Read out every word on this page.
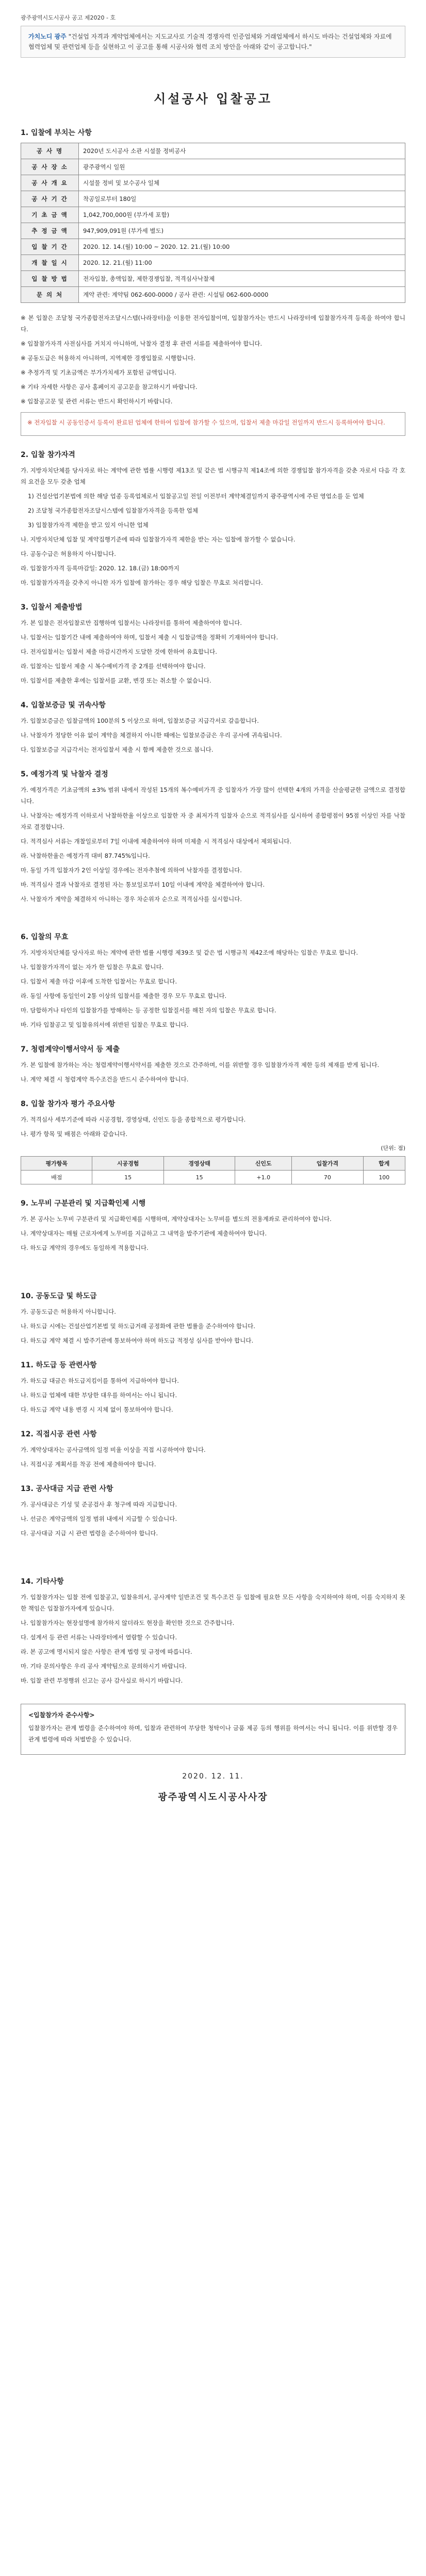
광주광역시도시공사 공고 제2020 - 호
가치노디 광주 "건설업 자격과 계약업체에서는 지도교사로 기술적 경쟁자력 인증업체와 거래업체에서 하시도 바라는 건설업체와 자료에 협력업체 및 관련업체 등을 실현하고 이 공고를 통해 시공사와 협력 조치 방안을 아래와 같이 공고합니다."
시설공사 입찰공고
1. 입찰에 부치는 사항
공 사 명	2020년 도시공사 소관 시설물 정비공사
공 사 장 소	광주광역시 일원
공 사 개 요	시설물 정비 및 보수공사 일체
공 사 기 간	착공일로부터 180일
기 초 금 액	1,042,700,000원 (부가세 포함)
추 정 금 액	947,909,091원 (부가세 별도)
입 찰 기 간	2020. 12. 14.(월) 10:00 ~ 2020. 12. 21.(월) 10:00
개 찰 일 시	2020. 12. 21.(월) 11:00
입 찰 방 법	전자입찰, 총액입찰, 제한경쟁입찰, 적격심사낙찰제
문 의 처	계약 관련: 계약팀 062-600-0000 / 공사 관련: 시설팀 062-600-0000

※ 본 입찰은 조달청 국가종합전자조달시스템(나라장터)을 이용한 전자입찰이며, 입찰참가자는 반드시 나라장터에 입찰참가자격 등록을 하여야 합니다.

※ 입찰참가자격 사전심사를 거치지 아니하며, 낙찰자 결정 후 관련 서류를 제출하여야 합니다.

※ 공동도급은 허용하지 아니하며, 지역제한 경쟁입찰로 시행합니다.

※ 추정가격 및 기초금액은 부가가치세가 포함된 금액입니다.

※ 기타 자세한 사항은 공사 홈페이지 공고문을 참고하시기 바랍니다.

※ 입찰공고문 및 관련 서류는 반드시 확인하시기 바랍니다.

※ 전자입찰 시 공동인증서 등록이 완료된 업체에 한하여 입찰에 참가할 수 있으며, 입찰서 제출 마감일 전일까지 반드시 등록하여야 합니다.

2. 입찰 참가자격

가. 지방자치단체를 당사자로 하는 계약에 관한 법률 시행령 제13조 및 같은 법 시행규칙 제14조에 의한 경쟁입찰 참가자격을 갖춘 자로서 다음 각 호의 요건을 모두 갖춘 업체

1) 건설산업기본법에 의한 해당 업종 등록업체로서 입찰공고일 전일 이전부터 계약체결일까지 광주광역시에 주된 영업소를 둔 업체

2) 조달청 국가종합전자조달시스템에 입찰참가자격을 등록한 업체

3) 입찰참가자격 제한을 받고 있지 아니한 업체

나. 지방자치단체 입찰 및 계약집행기준에 따라 입찰참가자격 제한을 받는 자는 입찰에 참가할 수 없습니다.

다. 공동수급은 허용하지 아니합니다.

라. 입찰참가자격 등록마감일: 2020. 12. 18.(금) 18:00까지

마. 입찰참가자격을 갖추지 아니한 자가 입찰에 참가하는 경우 해당 입찰은 무효로 처리합니다.

3. 입찰서 제출방법

가. 본 입찰은 전자입찰로만 집행하며 입찰서는 나라장터를 통하여 제출하여야 합니다.

나. 입찰서는 입찰기간 내에 제출하여야 하며, 입찰서 제출 시 입찰금액을 정확히 기재하여야 합니다.

다. 전자입찰서는 입찰서 제출 마감시간까지 도달한 것에 한하여 유효합니다.

라. 입찰자는 입찰서 제출 시 복수예비가격 중 2개를 선택하여야 합니다.

마. 입찰서를 제출한 후에는 입찰서를 교환, 변경 또는 취소할 수 없습니다.

4. 입찰보증금 및 귀속사항

가. 입찰보증금은 입찰금액의 100분의 5 이상으로 하며, 입찰보증금 지급각서로 갈음합니다.

나. 낙찰자가 정당한 이유 없이 계약을 체결하지 아니한 때에는 입찰보증금은 우리 공사에 귀속됩니다.

다. 입찰보증금 지급각서는 전자입찰서 제출 시 함께 제출한 것으로 봅니다.

5. 예정가격 및 낙찰자 결정

가. 예정가격은 기초금액의 ±3% 범위 내에서 작성된 15개의 복수예비가격 중 입찰자가 가장 많이 선택한 4개의 가격을 산술평균한 금액으로 결정합니다.

나. 낙찰자는 예정가격 이하로서 낙찰하한율 이상으로 입찰한 자 중 최저가격 입찰자 순으로 적격심사를 실시하여 종합평점이 95점 이상인 자를 낙찰자로 결정합니다.

다. 적격심사 서류는 개찰일로부터 7일 이내에 제출하여야 하며 미제출 시 적격심사 대상에서 제외됩니다.

라. 낙찰하한율은 예정가격 대비 87.745%입니다.

마. 동일 가격 입찰자가 2인 이상일 경우에는 전자추첨에 의하여 낙찰자를 결정합니다.

바. 적격심사 결과 낙찰자로 결정된 자는 통보일로부터 10일 이내에 계약을 체결하여야 합니다.

사. 낙찰자가 계약을 체결하지 아니하는 경우 차순위자 순으로 적격심사를 실시합니다.

6. 입찰의 무효

가. 지방자치단체를 당사자로 하는 계약에 관한 법률 시행령 제39조 및 같은 법 시행규칙 제42조에 해당하는 입찰은 무효로 합니다.

나. 입찰참가자격이 없는 자가 한 입찰은 무효로 합니다.

다. 입찰서 제출 마감 이후에 도착한 입찰서는 무효로 합니다.

라. 동일 사항에 동일인이 2통 이상의 입찰서를 제출한 경우 모두 무효로 합니다.

마. 담합하거나 타인의 입찰참가를 방해하는 등 공정한 입찰질서를 해친 자의 입찰은 무효로 합니다.

바. 기타 입찰공고 및 입찰유의서에 위반된 입찰은 무효로 합니다.

7. 청렴계약이행서약서 등 제출

가. 본 입찰에 참가하는 자는 청렴계약이행서약서를 제출한 것으로 간주하며, 이를 위반할 경우 입찰참가자격 제한 등의 제재를 받게 됩니다.

나. 계약 체결 시 청렴계약 특수조건을 반드시 준수하여야 합니다.

8. 입찰 참가자 평가 주요사항

가. 적격심사 세부기준에 따라 시공경험, 경영상태, 신인도 등을 종합적으로 평가합니다.

나. 평가 항목 및 배점은 아래와 같습니다.

(단위: 점)
평가항목	시공경험	경영상태	신인도	입찰가격	합계
배점	15	15	+1.0	70	100
9. 노무비 구분관리 및 지급확인제 시행

가. 본 공사는 노무비 구분관리 및 지급확인제를 시행하며, 계약상대자는 노무비를 별도의 전용계좌로 관리하여야 합니다.

나. 계약상대자는 매월 근로자에게 노무비를 지급하고 그 내역을 발주기관에 제출하여야 합니다.

다. 하도급 계약의 경우에도 동일하게 적용합니다.

10. 공동도급 및 하도급

가. 공동도급은 허용하지 아니합니다.

나. 하도급 시에는 건설산업기본법 및 하도급거래 공정화에 관한 법률을 준수하여야 합니다.

다. 하도급 계약 체결 시 발주기관에 통보하여야 하며 하도급 적정성 심사를 받아야 합니다.

11. 하도급 등 관련사항

가. 하도급 대금은 하도급지킴이를 통하여 지급하여야 합니다.

나. 하도급 업체에 대한 부당한 대우를 하여서는 아니 됩니다.

다. 하도급 계약 내용 변경 시 지체 없이 통보하여야 합니다.

12. 직접시공 관련 사항

가. 계약상대자는 공사금액의 일정 비율 이상을 직접 시공하여야 합니다.

나. 직접시공 계획서를 착공 전에 제출하여야 합니다.

13. 공사대금 지급 관련 사항

가. 공사대금은 기성 및 준공검사 후 청구에 따라 지급합니다.

나. 선금은 계약금액의 일정 범위 내에서 지급할 수 있습니다.

다. 공사대금 지급 시 관련 법령을 준수하여야 합니다.

14. 기타사항

가. 입찰참가자는 입찰 전에 입찰공고, 입찰유의서, 공사계약 일반조건 및 특수조건 등 입찰에 필요한 모든 사항을 숙지하여야 하며, 이를 숙지하지 못한 책임은 입찰참가자에게 있습니다.

나. 입찰참가자는 현장설명에 참가하지 않더라도 현장을 확인한 것으로 간주합니다.

다. 설계서 등 관련 서류는 나라장터에서 열람할 수 있습니다.

라. 본 공고에 명시되지 않은 사항은 관계 법령 및 규정에 따릅니다.

마. 기타 문의사항은 우리 공사 계약팀으로 문의하시기 바랍니다.

바. 입찰 관련 부정행위 신고는 공사 감사실로 하시기 바랍니다.

<입찰참가자 준수사항>

입찰참가자는 관계 법령을 준수하여야 하며, 입찰과 관련하여 부당한 청탁이나 금품 제공 등의 행위를 하여서는 아니 됩니다. 이를 위반할 경우 관계 법령에 따라 처벌받을 수 있습니다.

2020. 12. 11.
광주광역시도시공사사장
